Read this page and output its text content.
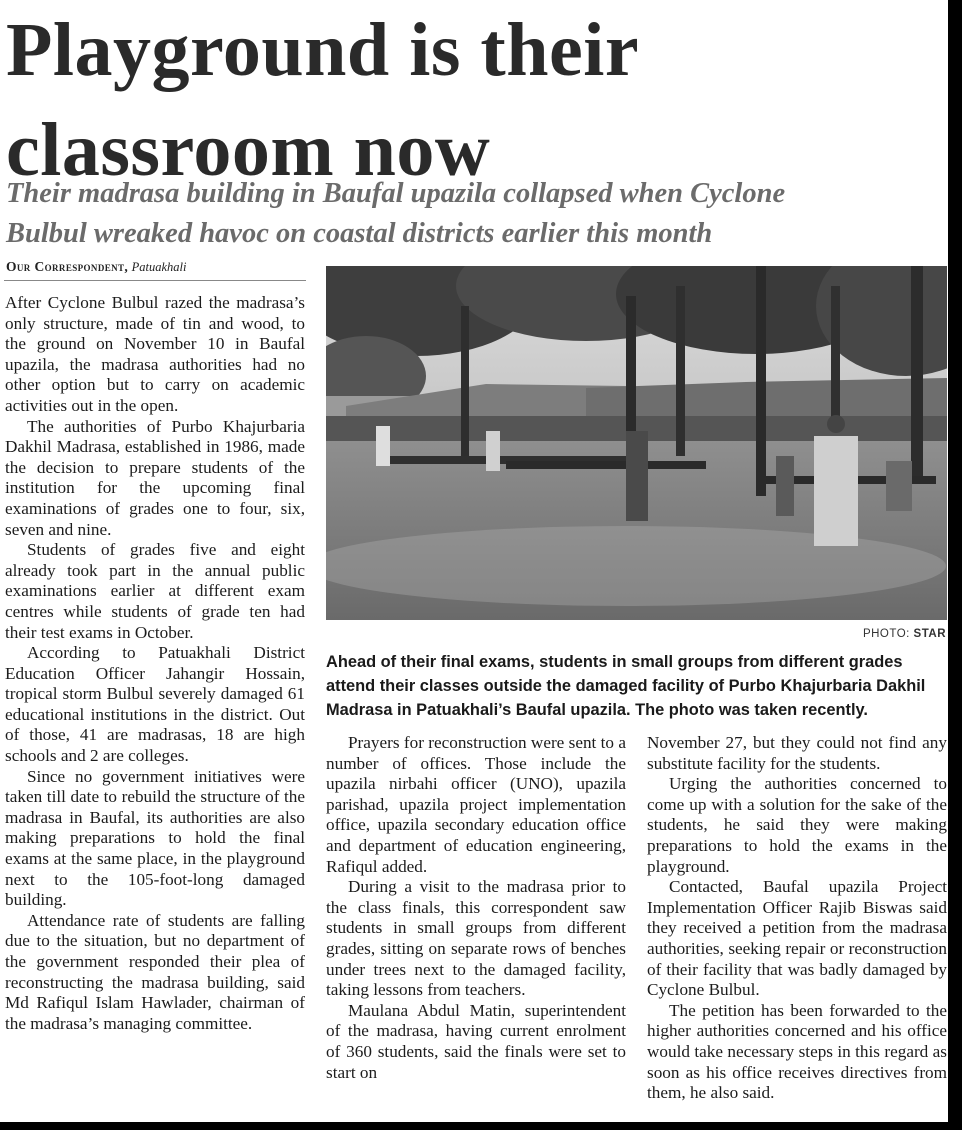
Playground is their
classroom now
Their madrasa building in Baufal upazila collapsed when Cyclone
Bulbul wreaked havoc on coastal districts earlier this month
Our Correspondent, Patuakhali

After Cyclone Bulbul razed the madrasa’s only structure, made of tin and wood, to the ground on November 10 in Baufal upazila, the madrasa authorities had no other option but to carry on academic activities out in the open.

The authorities of Purbo Khajurbaria Dakhil Madrasa, established in 1986, made the decision to prepare students of the institution for the upcoming final examinations of grades one to four, six, seven and nine.

Students of grades five and eight already took part in the annual public examinations earlier at different exam centres while students of grade ten had their test exams in October.

According to Patuakhali District Education Officer Jahangir Hossain, tropical storm Bulbul severely damaged 61 educational institutions in the district. Out of those, 41 are madrasas, 18 are high schools and 2 are colleges.

Since no government initiatives were taken till date to rebuild the structure of the madrasa in Baufal, its authorities are also making preparations to hold the final exams at the same place, in the playground next to the 105-foot-long damaged building.

Attendance rate of students are falling due to the situation, but no department of the government responded their plea of reconstructing the madrasa building, said Md Rafiqul Islam Hawlader, chairman of the madrasa’s managing committee.

PHOTO: STAR
Ahead of their final exams, students in small groups from different grades
attend their classes outside the damaged facility of Purbo Khajurbaria Dakhil
Madrasa in Patuakhali’s Baufal upazila. The photo was taken recently.

Prayers for reconstruction were sent to a number of offices. Those include the upazila nirbahi officer (UNO), upazila parishad, upazila project implementation office, upazila secondary education office and department of education engineering, Rafiqul added.

During a visit to the madrasa prior to the class finals, this correspondent saw students in small groups from different grades, sitting on separate rows of benches under trees next to the damaged facility, taking lessons from teachers.

Maulana Abdul Matin, superintendent of the madrasa, having current enrolment of 360 students, said the finals were set to start on

November 27, but they could not find any substitute facility for the students.

Urging the authorities concerned to come up with a solution for the sake of the students, he said they were making preparations to hold the exams in the playground.

Contacted, Baufal upazila Project Implementation Officer Rajib Biswas said they received a petition from the madrasa authorities, seeking repair or reconstruction of their facility that was badly damaged by Cyclone Bulbul.

The petition has been forwarded to the higher authorities concerned and his office would take necessary steps in this regard as soon as his office receives directives from them, he also said.
